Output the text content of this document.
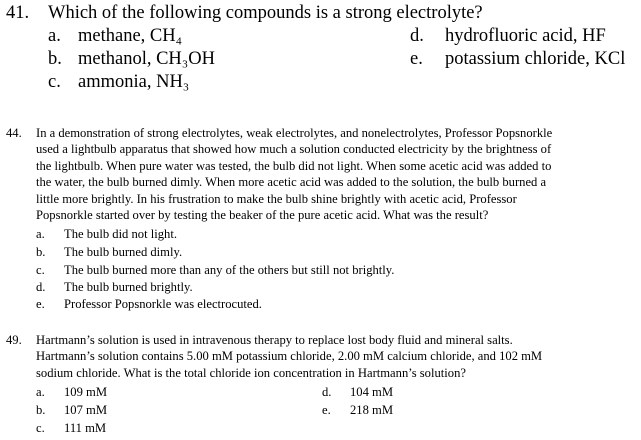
41. Which of the following compounds is a strong electrolyte?
a. methane, CH₄
b. methanol, CH₃OH
c. ammonia, NH₃
d. hydrofluoric acid, HF
e. potassium chloride, KCl
44. In a demonstration of strong electrolytes, weak electrolytes, and nonelectrolytes, Professor Popsnorkle
used a lightbulb apparatus that showed how much a solution conducted electricity by the brightness of
the lightbulb. When pure water was tested, the bulb did not light. When some acetic acid was added to
the water, the bulb burned dimly. When more acetic acid was added to the solution, the bulb burned a
little more brightly. In his frustration to make the bulb shine brightly with acetic acid, Professor
Popsnorkle started over by testing the beaker of the pure acetic acid. What was the result?
a. The bulb did not light.
b. The bulb burned dimly.
c. The bulb burned more than any of the others but still not brightly.
d. The bulb burned brightly.
e. Professor Popsnorkle was electrocuted.
49. Hartmann’s solution is used in intravenous therapy to replace lost body fluid and mineral salts.
Hartmann’s solution contains 5.00 mM potassium chloride, 2.00 mM calcium chloride, and 102 mM
sodium chloride. What is the total chloride ion concentration in Hartmann’s solution?
a. 109 mM
b. 107 mM
c. 111 mM
d. 104 mM
e. 218 mM
